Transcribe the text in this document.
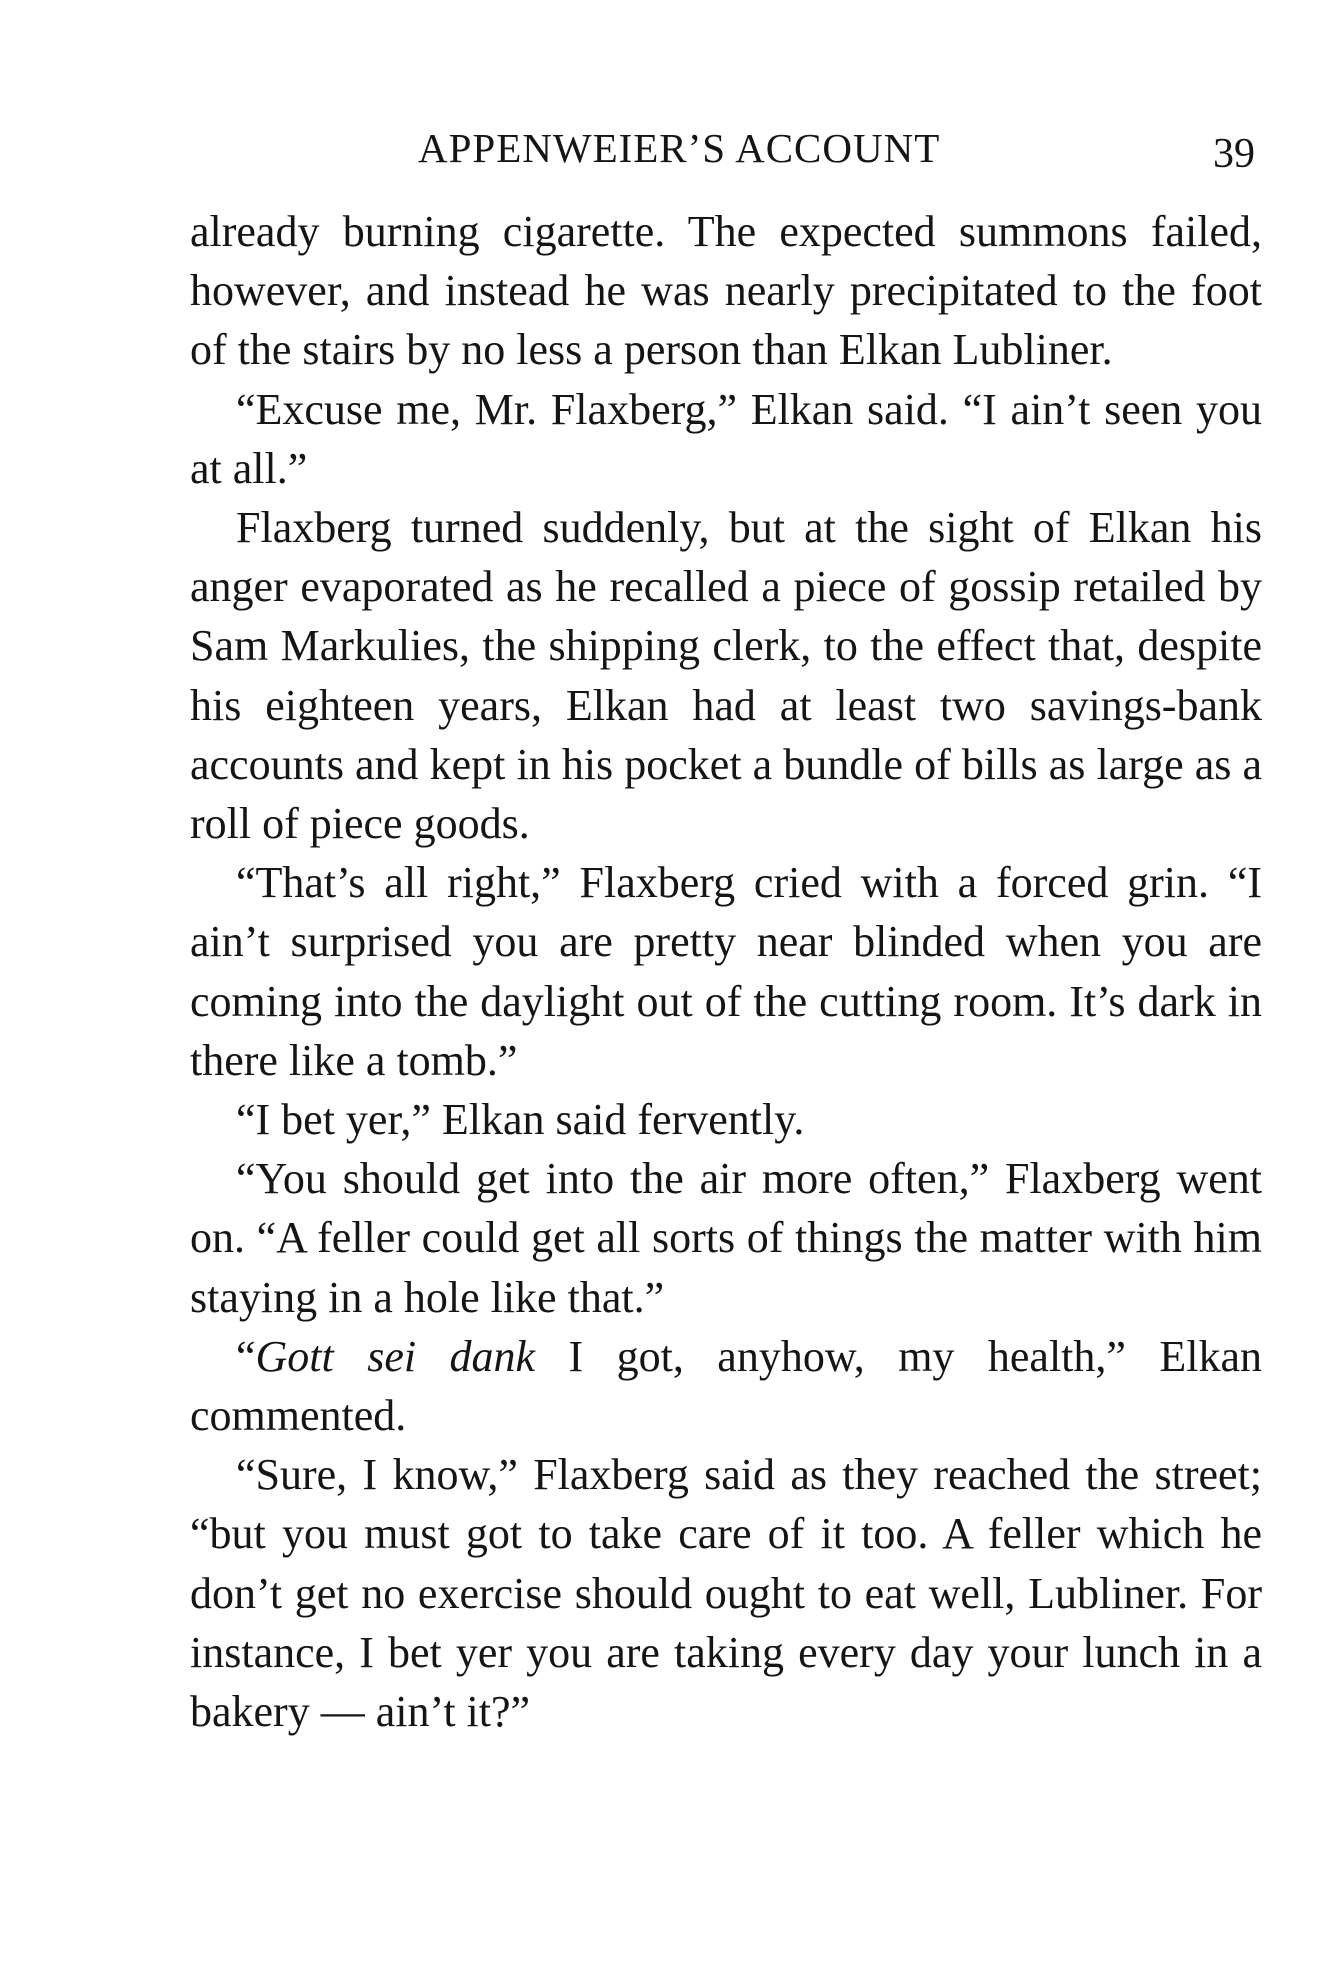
APPENWEIER’S ACCOUNT	39

already burning cigarette. The expected summons failed, however, and instead he was nearly precipitated to the foot of the stairs by no less a person than Elkan Lubliner.

“Excuse me, Mr. Flaxberg,” Elkan said. “I ain’t seen you at all.”

Flaxberg turned suddenly, but at the sight of Elkan his anger evaporated as he recalled a piece of gossip retailed by Sam Markulies, the shipping clerk, to the effect that, despite his eighteen years, Elkan had at least two savings-bank accounts and kept in his pocket a bundle of bills as large as a roll of piece goods.

“That’s all right,” Flaxberg cried with a forced grin. “I ain’t surprised you are pretty near blinded when you are coming into the daylight out of the cutting room. It’s dark in there like a tomb.”

“I bet yer,” Elkan said fervently.

“You should get into the air more often,” Flaxberg went on. “A feller could get all sorts of things the matter with him staying in a hole like that.”

“Gott sei dank I got, anyhow, my health,” Elkan commented.

“Sure, I know,” Flaxberg said as they reached the street; “but you must got to take care of it too. A feller which he don’t get no exercise should ought to eat well, Lubliner. For instance, I bet yer you are taking every day your lunch in a bakery — ain’t it?”
